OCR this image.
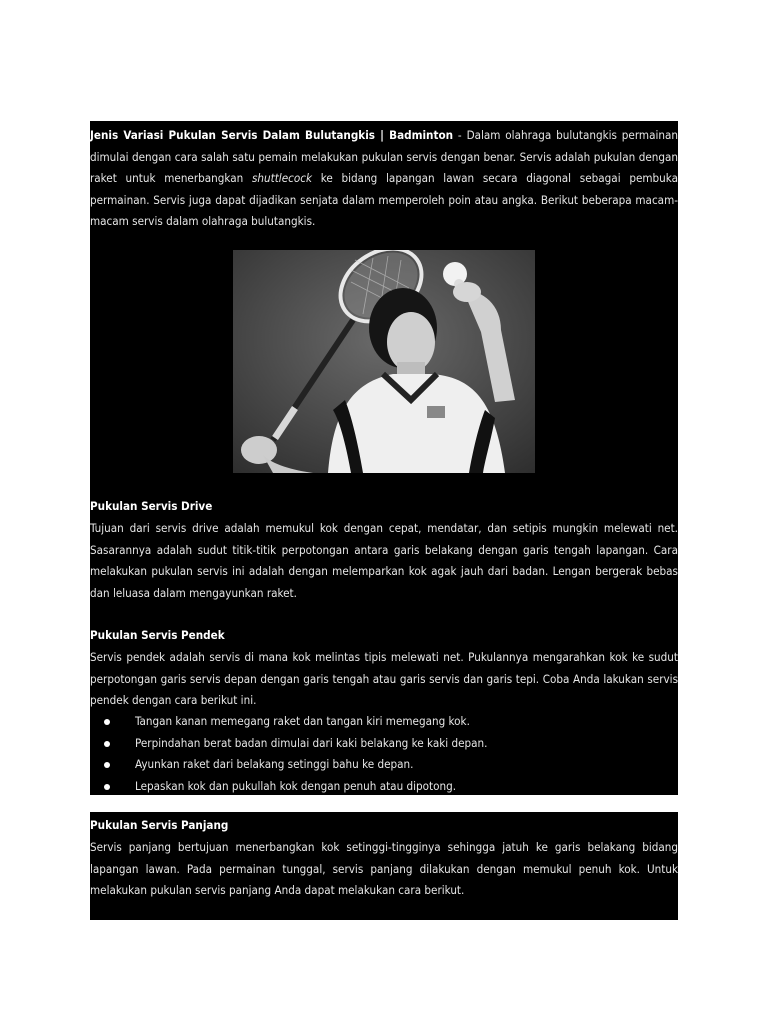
Jenis Variasi Pukulan Servis Dalam Bulutangkis | Badminton - Dalam olahraga bulutangkis permainan dimulai dengan cara salah satu pemain melakukan pukulan servis dengan benar. Servis adalah pukulan dengan raket untuk menerbangkan shuttlecock ke bidang lapangan lawan secara diagonal sebagai pembuka permainan. Servis juga dapat dijadikan senjata dalam memperoleh poin atau angka. Berikut beberapa macam-macam servis dalam olahraga bulutangkis.

Pukulan Servis Drive

Tujuan dari servis drive adalah memukul kok dengan cepat, mendatar, dan setipis mungkin melewati net. Sasarannya adalah sudut titik-titik perpotongan antara garis belakang dengan garis tengah lapangan. Cara melakukan pukulan servis ini adalah dengan melemparkan kok agak jauh dari badan. Lengan bergerak bebas dan leluasa dalam mengayunkan raket.

Pukulan Servis Pendek

Servis pendek adalah servis di mana kok melintas tipis melewati net. Pukulannya mengarahkan kok ke sudut perpotongan garis servis depan dengan garis tengah atau garis servis dan garis tepi. Coba Anda lakukan servis pendek dengan cara berikut ini.

Tangan kanan memegang raket dan tangan kiri memegang kok.
Perpindahan berat badan dimulai dari kaki belakang ke kaki depan.
Ayunkan raket dari belakang setinggi bahu ke depan.
Lepaskan kok dan pukullah kok dengan penuh atau dipotong.

Pukulan Servis Panjang

Servis panjang bertujuan menerbangkan kok setinggi-tingginya sehingga jatuh ke garis belakang bidang lapangan lawan. Pada permainan tunggal, servis panjang dilakukan dengan memukul penuh kok. Untuk melakukan pukulan servis panjang Anda dapat melakukan cara berikut.
